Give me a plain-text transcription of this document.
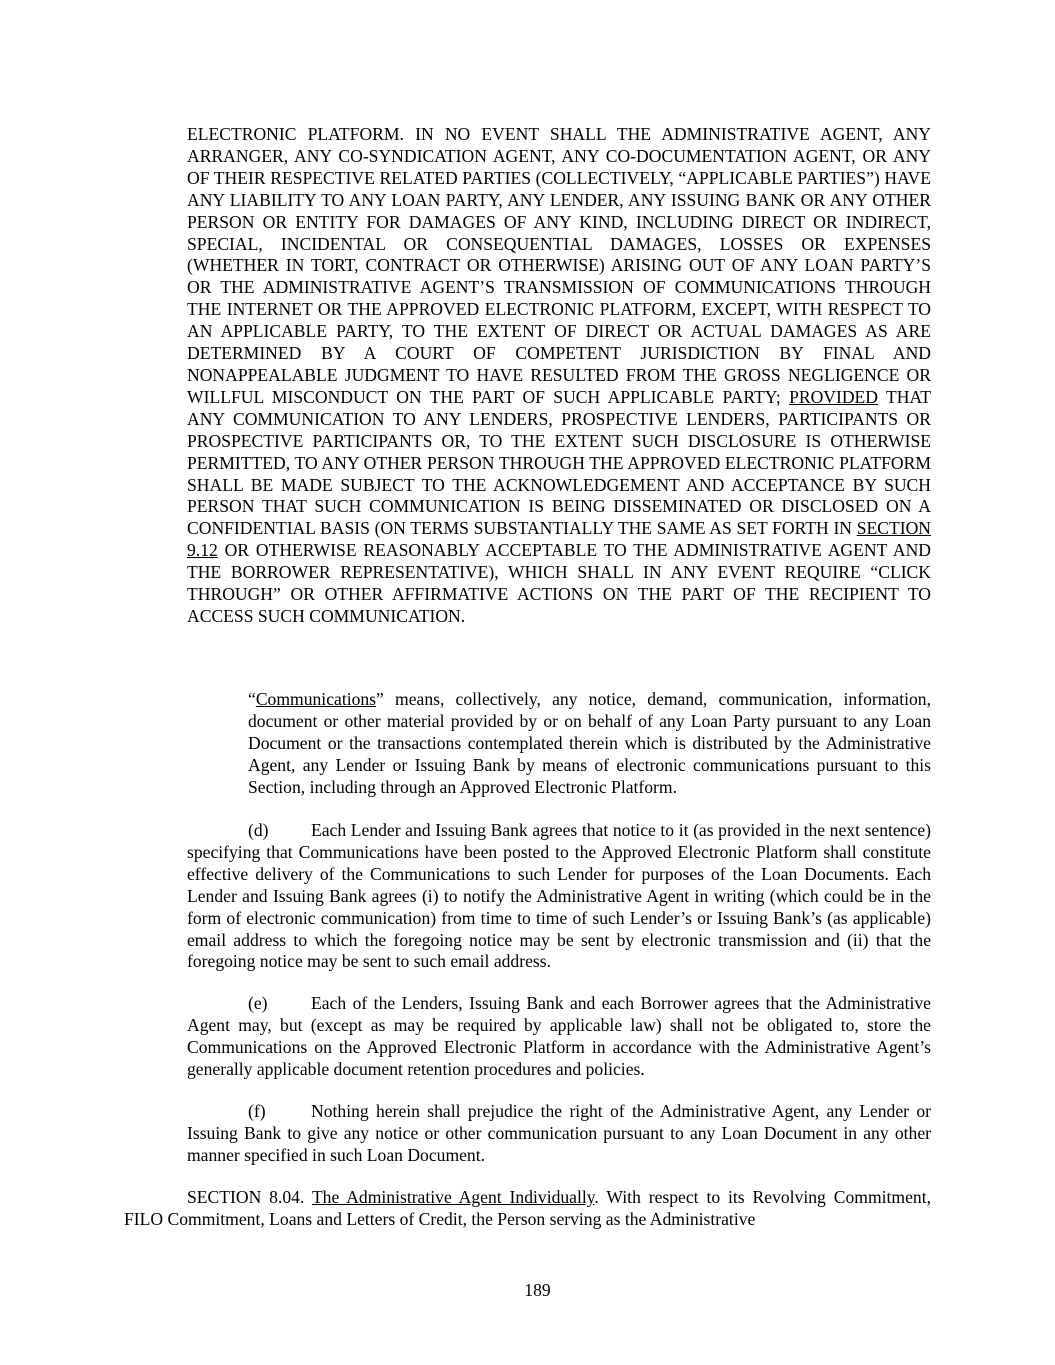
ELECTRONIC PLATFORM. IN NO EVENT SHALL THE ADMINISTRATIVE AGENT, ANY ARRANGER, ANY CO-SYNDICATION AGENT, ANY CO-DOCUMENTATION AGENT, OR ANY OF THEIR RESPECTIVE RELATED PARTIES (COLLECTIVELY, “APPLICABLE PARTIES”) HAVE ANY LIABILITY TO ANY LOAN PARTY, ANY LENDER, ANY ISSUING BANK OR ANY OTHER PERSON OR ENTITY FOR DAMAGES OF ANY KIND, INCLUDING DIRECT OR INDIRECT, SPECIAL, INCIDENTAL OR CONSEQUENTIAL DAMAGES, LOSSES OR EXPENSES (WHETHER IN TORT, CONTRACT OR OTHERWISE) ARISING OUT OF ANY LOAN PARTY’S OR THE ADMINISTRATIVE AGENT’S TRANSMISSION OF COMMUNICATIONS THROUGH THE INTERNET OR THE APPROVED ELECTRONIC PLATFORM, EXCEPT, WITH RESPECT TO AN APPLICABLE PARTY, TO THE EXTENT OF DIRECT OR ACTUAL DAMAGES AS ARE DETERMINED BY A COURT OF COMPETENT JURISDICTION BY FINAL AND NONAPPEALABLE JUDGMENT TO HAVE RESULTED FROM THE GROSS NEGLIGENCE OR WILLFUL MISCONDUCT ON THE PART OF SUCH APPLICABLE PARTY; PROVIDED THAT ANY COMMUNICATION TO ANY LENDERS, PROSPECTIVE LENDERS, PARTICIPANTS OR PROSPECTIVE PARTICIPANTS OR, TO THE EXTENT SUCH DISCLOSURE IS OTHERWISE PERMITTED, TO ANY OTHER PERSON THROUGH THE APPROVED ELECTRONIC PLATFORM SHALL BE MADE SUBJECT TO THE ACKNOWLEDGEMENT AND ACCEPTANCE BY SUCH PERSON THAT SUCH COMMUNICATION IS BEING DISSEMINATED OR DISCLOSED ON A CONFIDENTIAL BASIS (ON TERMS SUBSTANTIALLY THE SAME AS SET FORTH IN SECTION 9.12 OR OTHERWISE REASONABLY ACCEPTABLE TO THE ADMINISTRATIVE AGENT AND THE BORROWER REPRESENTATIVE), WHICH SHALL IN ANY EVENT REQUIRE “CLICK THROUGH” OR OTHER AFFIRMATIVE ACTIONS ON THE PART OF THE RECIPIENT TO ACCESS SUCH COMMUNICATION.
“Communications” means, collectively, any notice, demand, communication, information, document or other material provided by or on behalf of any Loan Party pursuant to any Loan Document or the transactions contemplated therein which is distributed by the Administrative Agent, any Lender or Issuing Bank by means of electronic communications pursuant to this Section, including through an Approved Electronic Platform.
(d) Each Lender and Issuing Bank agrees that notice to it (as provided in the next sentence) specifying that Communications have been posted to the Approved Electronic Platform shall constitute effective delivery of the Communications to such Lender for purposes of the Loan Documents. Each Lender and Issuing Bank agrees (i) to notify the Administrative Agent in writing (which could be in the form of electronic communication) from time to time of such Lender’s or Issuing Bank’s (as applicable) email address to which the foregoing notice may be sent by electronic transmission and (ii) that the foregoing notice may be sent to such email address.
(e) Each of the Lenders, Issuing Bank and each Borrower agrees that the Administrative Agent may, but (except as may be required by applicable law) shall not be obligated to, store the Communications on the Approved Electronic Platform in accordance with the Administrative Agent’s generally applicable document retention procedures and policies.
(f)	Nothing herein shall prejudice the right of the Administrative Agent, any Lender or Issuing Bank to give any notice or other communication pursuant to any Loan Document in any other manner specified in such Loan Document.
SECTION 8.04. The Administrative Agent Individually. With respect to its Revolving Commitment, FILO Commitment, Loans and Letters of Credit, the Person serving as the Administrative
189
